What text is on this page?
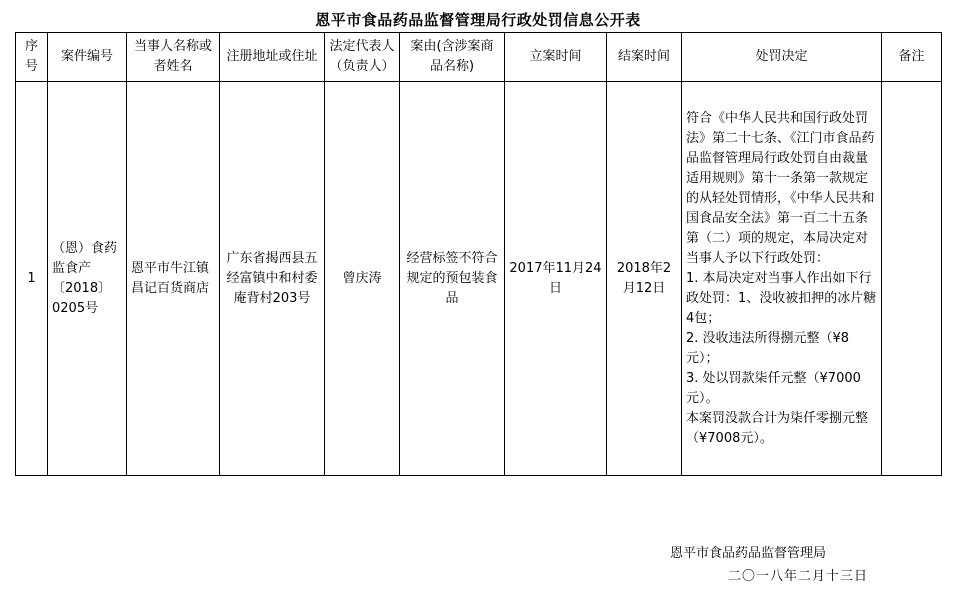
恩平市食品药品监督管理局行政处罚信息公开表
序号	案件编号	当事人名称或者姓名	注册地址或住址	法定代表人（负责人）	案由(含涉案商品名称)	立案时间	结案时间	处罚决定	备注
1	（恩）食药监食产〔2018〕0205号	恩平市牛江镇昌记百货商店	广东省揭西县五经富镇中和村委庵背村203号	曾庆涛	经营标签不符合规定的预包装食品	2017年11月24日	2018年2月12日	符合《中华人民共和国行政处罚法》第二十七条、《江门市食品药品监督管理局行政处罚自由裁量适用规则》第十一条第一款规定的从轻处罚情形，《中华人民共和国食品安全法》第一百二十五条第（二）项的规定，本局决定对当事人予以下行政处罚：
1. 本局决定对当事人作出如下行政处罚：1、没收被扣押的冰片糖4包；
2. 没收违法所得捌元整（¥8元）；
3. 处以罚款柒仟元整（¥7000元）。
本案罚没款合计为柒仟零捌元整（¥7008元）。	

恩平市食品药品监督管理局
二〇一八年二月十三日
